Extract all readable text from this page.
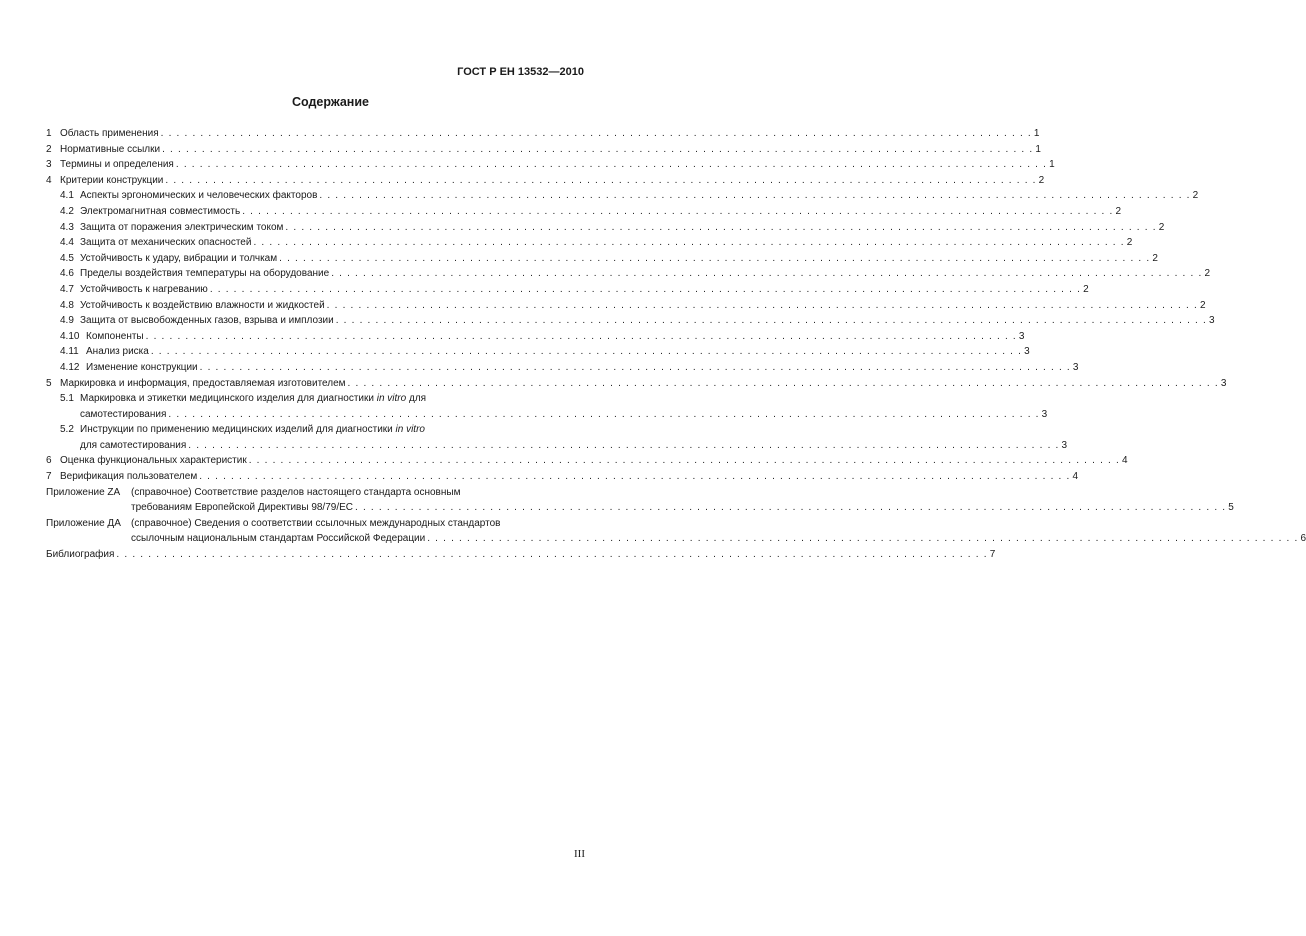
ГОСТ Р ЕН 13532—2010
Содержание
1 Область применения . . .	1
2 Нормативные ссылки . . .	1
3 Термины и определения . . .	1
4 Критерии конструкции . . .	2
4.1 Аспекты эргономических и человеческих факторов . . .	2
4.2 Электромагнитная совместимость . . .	2
4.3 Защита от поражения электрическим током . . .	2
4.4 Защита от механических опасностей . . .	2
4.5 Устойчивость к удару, вибрации и толчкам . . .	2
4.6 Пределы воздействия температуры на оборудование . . .	2
4.7 Устойчивость к нагреванию . . .	2
4.8 Устойчивость к воздействию влажности и жидкостей . . .	2
4.9 Защита от высвобожденных газов, взрыва и имплозии . . .	3
4.10 Компоненты . . .	3
4.11 Анализ риска . . .	3
4.12 Изменение конструкции . . .	3
5 Маркировка и информация, предоставляемая изготовителем . . .	3
5.1 Маркировка и этикетки медицинского изделия для диагностики in vitro для
самотестирования . . .	3
5.2 Инструкции по применению медицинских изделий для диагностики in vitro
для самотестирования . . .	3
6 Оценка функциональных характеристик . . .	4
7 Верификация пользователем . . .	4
Приложение ZA	(справочное) Соответствие разделов настоящего стандарта основным
требованиям Европейской Директивы 98/79/ЕС . . .	5
Приложение ДА	(справочное) Сведения о соответствии ссылочных международных стандартов
ссылочным национальным стандартам Российской Федерации . . .	6
Библиография . . .	7
III
